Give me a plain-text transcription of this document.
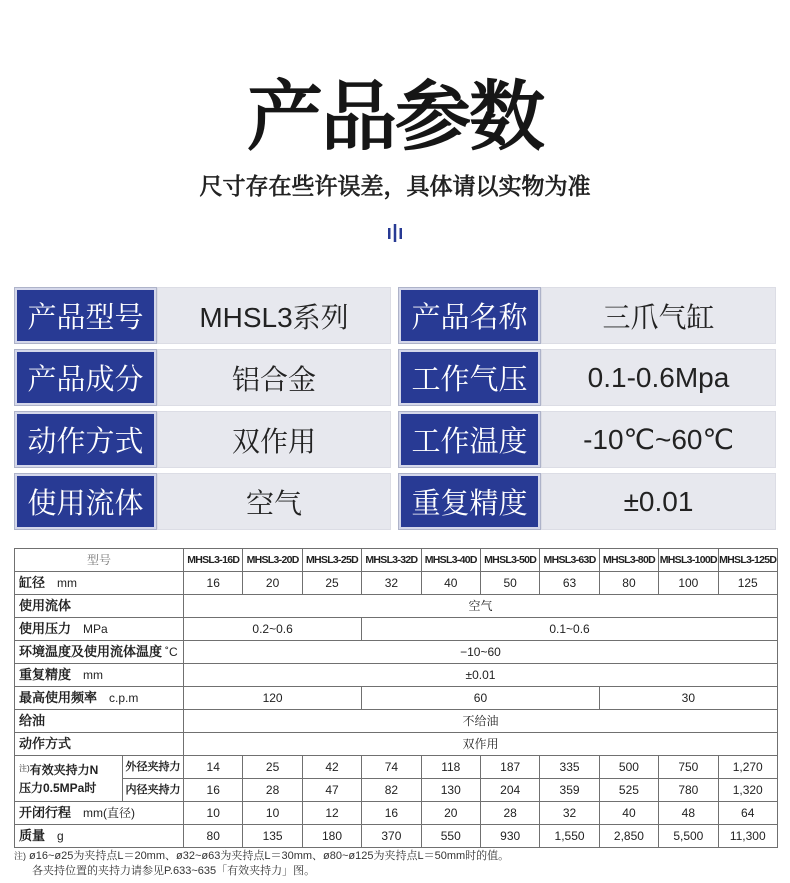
产品参数
尺寸存在些许误差，具体请以实物为准
产品型号	MHSL3系列	产品名称	三爪气缸
产品成分	铝合金	工作气压	0.1-0.6Mpa
动作方式	双作用	工作温度	-10℃~60℃
使用流体	空气	重复精度	±0.01
型号		MHSL3-16D	MHSL3-20D	MHSL3-25D	MHSL3-32D	MHSL3-40D	MHSL3-50D	MHSL3-63D	MHSL3-80D	MHSL3-100D	MHSL3-125D
缸径 mm		16	20	25	32	40	50	63	80	100	125
使用流体		空气									
使用压力 MPa		0.2~0.6			0.1~0.6						
环境温度及使用流体温度 ˚C		−10~60									
重复精度 mm		±0.01									
最高使用频率 c.p.m		120			60				30		
给油		不给油									
动作方式		双作用									
$^{注)}$有效夹持力N
压力0.5MPa时	外径夹持力	14	25	42	74	118	187	335	500	750	1,270
	内径夹持力	16	28	47	82	130	204	359	525	780	1,320
开闭行程 mm(直径)		10	10	12	16	20	28	32	40	48	64
质量 g		80	135	180	370	550	930	1,550	2,850	5,500	11,300
注) ø16~ø25为夹持点L＝20mm、ø32~ø63为夹持点L＝30mm、ø80~ø125为夹持点L＝50mm时的值。
各夹持位置的夹持力请参见P.633~635「有效夹持力」图。
